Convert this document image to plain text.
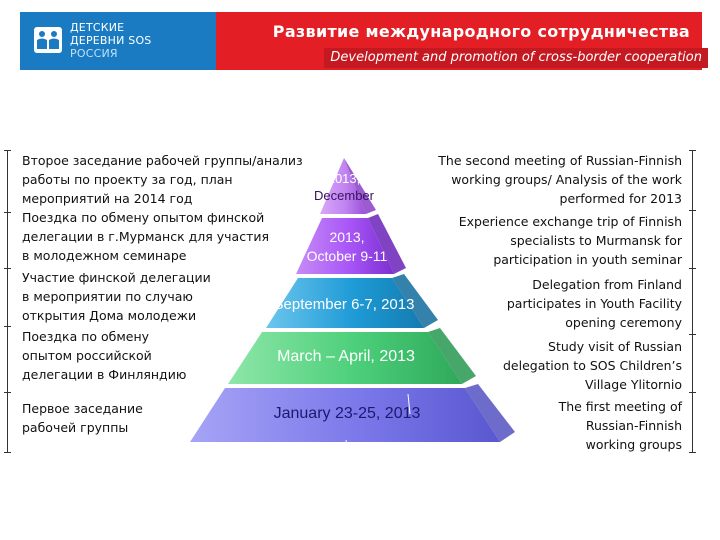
ДЕТСКИЕ
ДЕРЕВНИ SOS
РОССИЯ
Развитие международного сотрудничества
Development and promotion of cross-border cooperation
2013,
December
2013,
October 9-11
September 6-7, 2013
March – April, 2013
January 23-25, 2013
Второе заседание рабочей группы/анализ
работы по проекту за год, план
мероприятий на 2014 год
Поездка по обмену опытом финской
делегации в г.Мурманск для участия
в молодежном семинаре
Участие финской делегации
в мероприятии по случаю
открытия Дома молодежи
Поездка по обмену
опытом российской
делегации в Финляндию
Первое заседание
рабочей группы
The second meeting of Russian-Finnish
working groups/ Analysis of the work
performed for 2013
Experience exchange trip of Finnish
specialists to Murmansk for
participation in youth seminar
Delegation from Finland
participates in Youth Facility
opening ceremony
Study visit of Russian
delegation to SOS Children’s
Village Ylitornio
The first meeting of
Russian-Finnish
working groups
